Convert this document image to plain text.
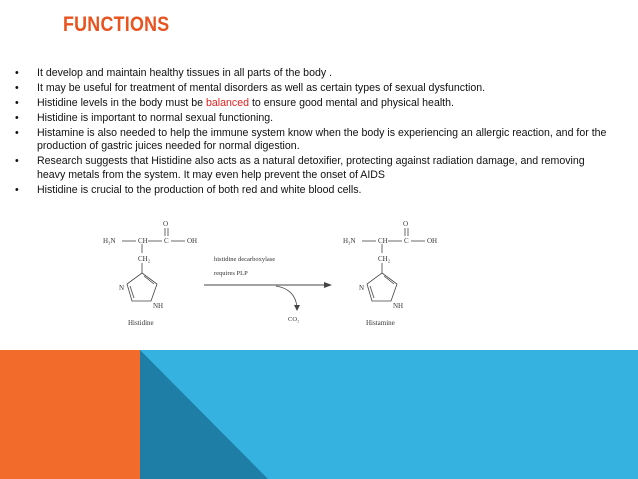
FUNCTIONS
• It develop and maintain healthy tissues in all parts of the body .
• It may be useful for treatment of mental disorders as well as certain types of sexual dysfunction.
• Histidine levels in the body must be balanced to ensure good mental and physical health.
• Histidine is important to normal sexual functioning.
• Histamine is also needed to help the immune system know when the body is experiencing an allergic reaction, and for the production of gastric juices needed for normal digestion.
• Research suggests that Histidine also acts as a natural detoxifier, protecting against radiation damage, and removing heavy metals from the system. It may even help prevent the onset of AIDS
• Histidine is crucial to the production of both red and white blood cells.
H₃N	CH C	OH
O
CH₂
N
NH
Histidine
histidine decarboxylase
requires PLP
CO₂
H₃N	CH C	OH
O
CH₂
N
NH
Histamine
